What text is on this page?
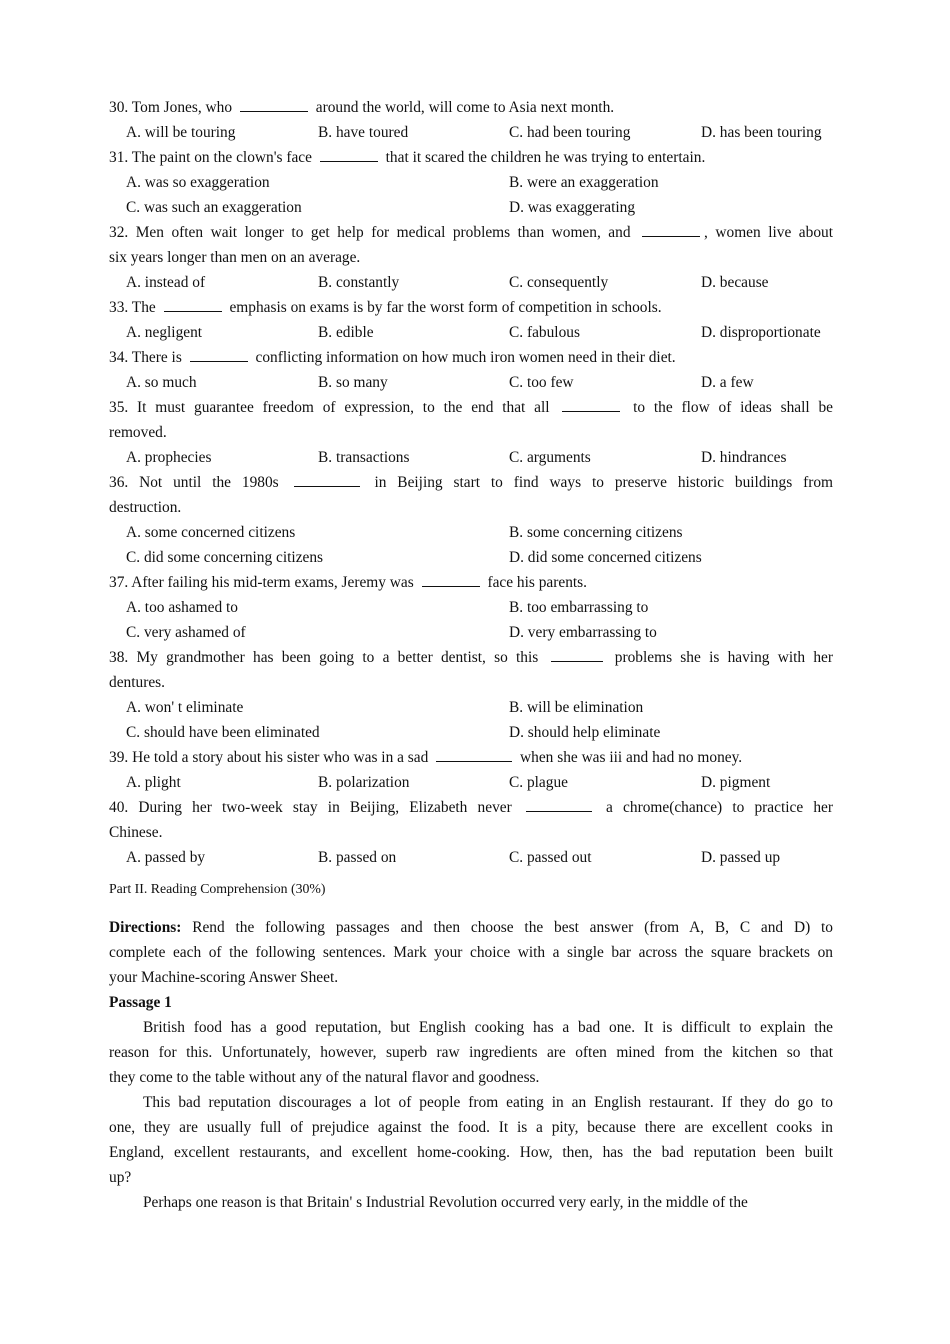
30. Tom Jones, who	around the world, will come to Asia next month.
A. will be touring	B. have toured	C. had been touring	D. has been touring
31. The paint on the clown's face	that it scared the children he was trying to entertain.
A. was so exaggeration	B. were an exaggeration
C. was such an exaggeration	D. was exaggerating
32. Men often wait longer to get help for medical problems than women, and	, women live about
six years longer than men on an average.
A. instead of	B. constantly	C. consequently	D. because
33. The	emphasis on exams is by far the worst form of competition in schools.
A. negligent	B. edible	C. fabulous	D. disproportionate
34. There is	conflicting information on how much iron women need in their diet.
A. so much	B. so many	C. too few	D. a few
35. It must guarantee freedom of expression, to the end that all	to the flow of ideas shall be
removed.
A. prophecies	B. transactions	C. arguments	D. hindrances
36. Not until the 1980s	in Beijing start to find ways to preserve historic buildings from
destruction.
A. some concerned citizens	B. some concerning citizens
C. did some concerning citizens	D. did some concerned citizens
37. After failing his mid-term exams, Jeremy was	face his parents.
A. too ashamed to	B. too embarrassing to
C. very ashamed of	D. very embarrassing to
38. My grandmother has been going to a better dentist, so this	problems she is having with her
dentures.
A. won' t eliminate	B. will be elimination
C. should have been eliminated	D. should help eliminate
39. He told a story about his sister who was in a sad	when she was iii and had no money.
A. plight	B. polarization	C. plague	D. pigment
40. During her two-week stay in Beijing, Elizabeth never	a chrome(chance) to practice her
Chinese.
A. passed by	B. passed on	C. passed out	D. passed up
Part II. Reading Comprehension (30%)
Directions: Rend the following passages and then choose the best answer (from A, B, C and D) to
complete each of the following sentences. Mark your choice with a single bar across the square brackets on
your Machine-scoring Answer Sheet.
Passage 1
British food has a good reputation, but English cooking has a bad one. It is difficult to explain the
reason for this. Unfortunately, however, superb raw ingredients are often mined from the kitchen so that
they come to the table without any of the natural flavor and goodness.
This bad reputation discourages a lot of people from eating in an English restaurant. If they do go to
one, they are usually full of prejudice against the food. It is a pity, because there are excellent cooks in
England, excellent restaurants, and excellent home-cooking. How, then, has the bad reputation been built
up?
Perhaps one reason is that Britain' s Industrial Revolution occurred very early, in the middle of the
